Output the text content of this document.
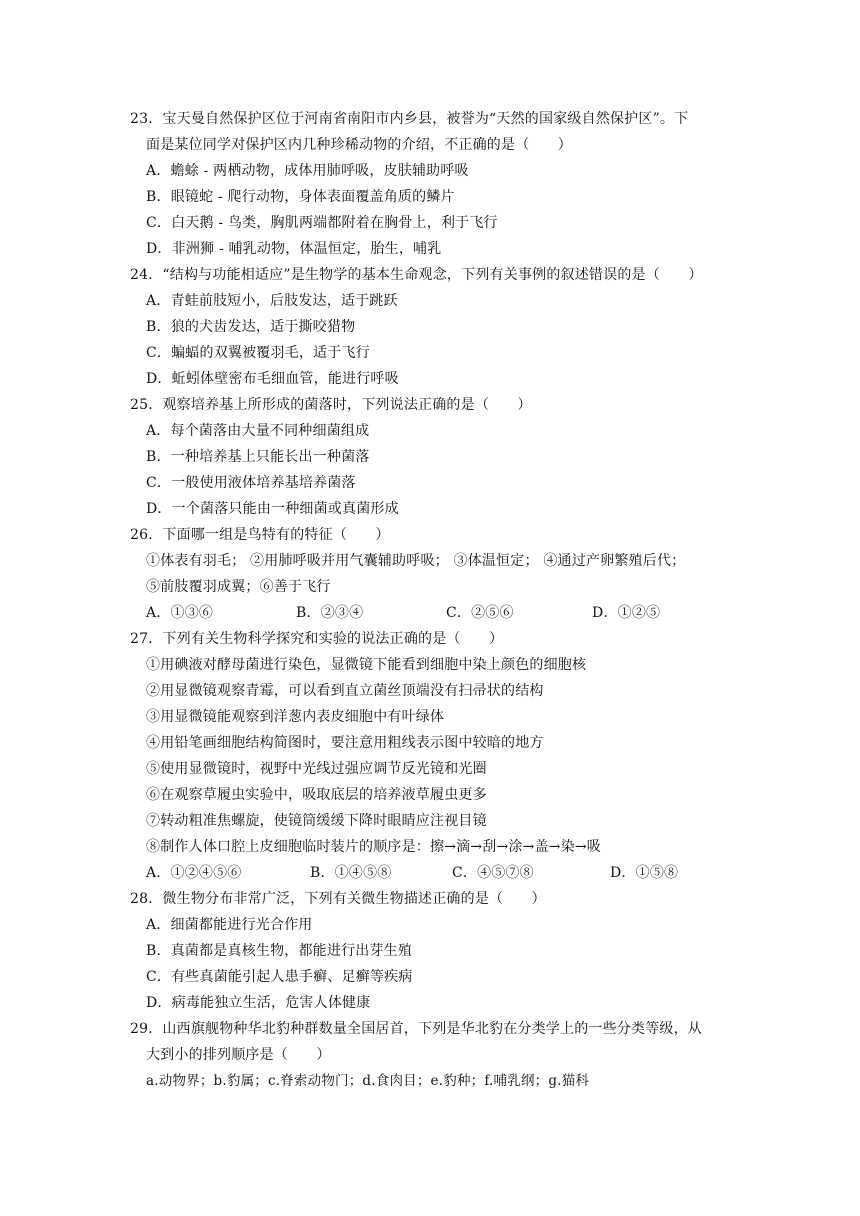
23．宝天曼自然保护区位于河南省南阳市内乡县，被誉为“天然的国家级自然保护区”。下
面是某位同学对保护区内几种珍稀动物的介绍，不正确的是（　　）
A．蟾蜍 - 两栖动物，成体用肺呼吸，皮肤辅助呼吸
B．眼镜蛇 - 爬行动物，身体表面覆盖角质的鳞片
C．白天鹅 - 鸟类，胸肌两端都附着在胸骨上，利于飞行
D．非洲狮 - 哺乳动物，体温恒定，胎生，哺乳
24．“结构与功能相适应”是生物学的基本生命观念，下列有关事例的叙述错误的是（　　）
A．青蛙前肢短小，后肢发达，适于跳跃
B．狼的犬齿发达，适于撕咬猎物
C．蝙蝠的双翼被覆羽毛，适于飞行
D．蚯蚓体壁密布毛细血管，能进行呼吸
25．观察培养基上所形成的菌落时，下列说法正确的是（　　）
A．每个菌落由大量不同种细菌组成
B．一种培养基上只能长出一种菌落
C．一般使用液体培养基培养菌落
D．一个菌落只能由一种细菌或真菌形成
26．下面哪一组是鸟特有的特征（　　）
①体表有羽毛； ②用肺呼吸并用气囊辅助呼吸； ③体温恒定； ④通过产卵繁殖后代；
⑤前肢覆羽成翼；⑥善于飞行
A．①③⑥	B．②③④	C．②⑤⑥	D．①②⑤
27．下列有关生物科学探究和实验的说法正确的是（　　）
①用碘液对酵母菌进行染色，显微镜下能看到细胞中染上颜色的细胞核
②用显微镜观察青霉，可以看到直立菌丝顶端没有扫帚状的结构
③用显微镜能观察到洋葱内表皮细胞中有叶绿体
④用铅笔画细胞结构简图时，要注意用粗线表示图中较暗的地方
⑤使用显微镜时，视野中光线过强应调节反光镜和光圈
⑥在观察草履虫实验中，吸取底层的培养液草履虫更多
⑦转动粗准焦螺旋，使镜筒缓缓下降时眼睛应注视目镜
⑧制作人体口腔上皮细胞临时装片的顺序是：擦→滴→刮→涂→盖→染→吸
A．①②④⑤⑥	B．①④⑤⑧	C．④⑤⑦⑧	D．①⑤⑧
28．微生物分布非常广泛，下列有关微生物描述正确的是（　　）
A．细菌都能进行光合作用
B．真菌都是真核生物，都能进行出芽生殖
C．有些真菌能引起人患手癣、足癣等疾病
D．病毒能独立生活，危害人体健康
29．山西旗舰物种华北豹种群数量全国居首，下列是华北豹在分类学上的一些分类等级，从
大到小的排列顺序是（　　）
a.动物界；b.豹属；c.脊索动物门；d.食肉目；e.豹种；f.哺乳纲；g.猫科
